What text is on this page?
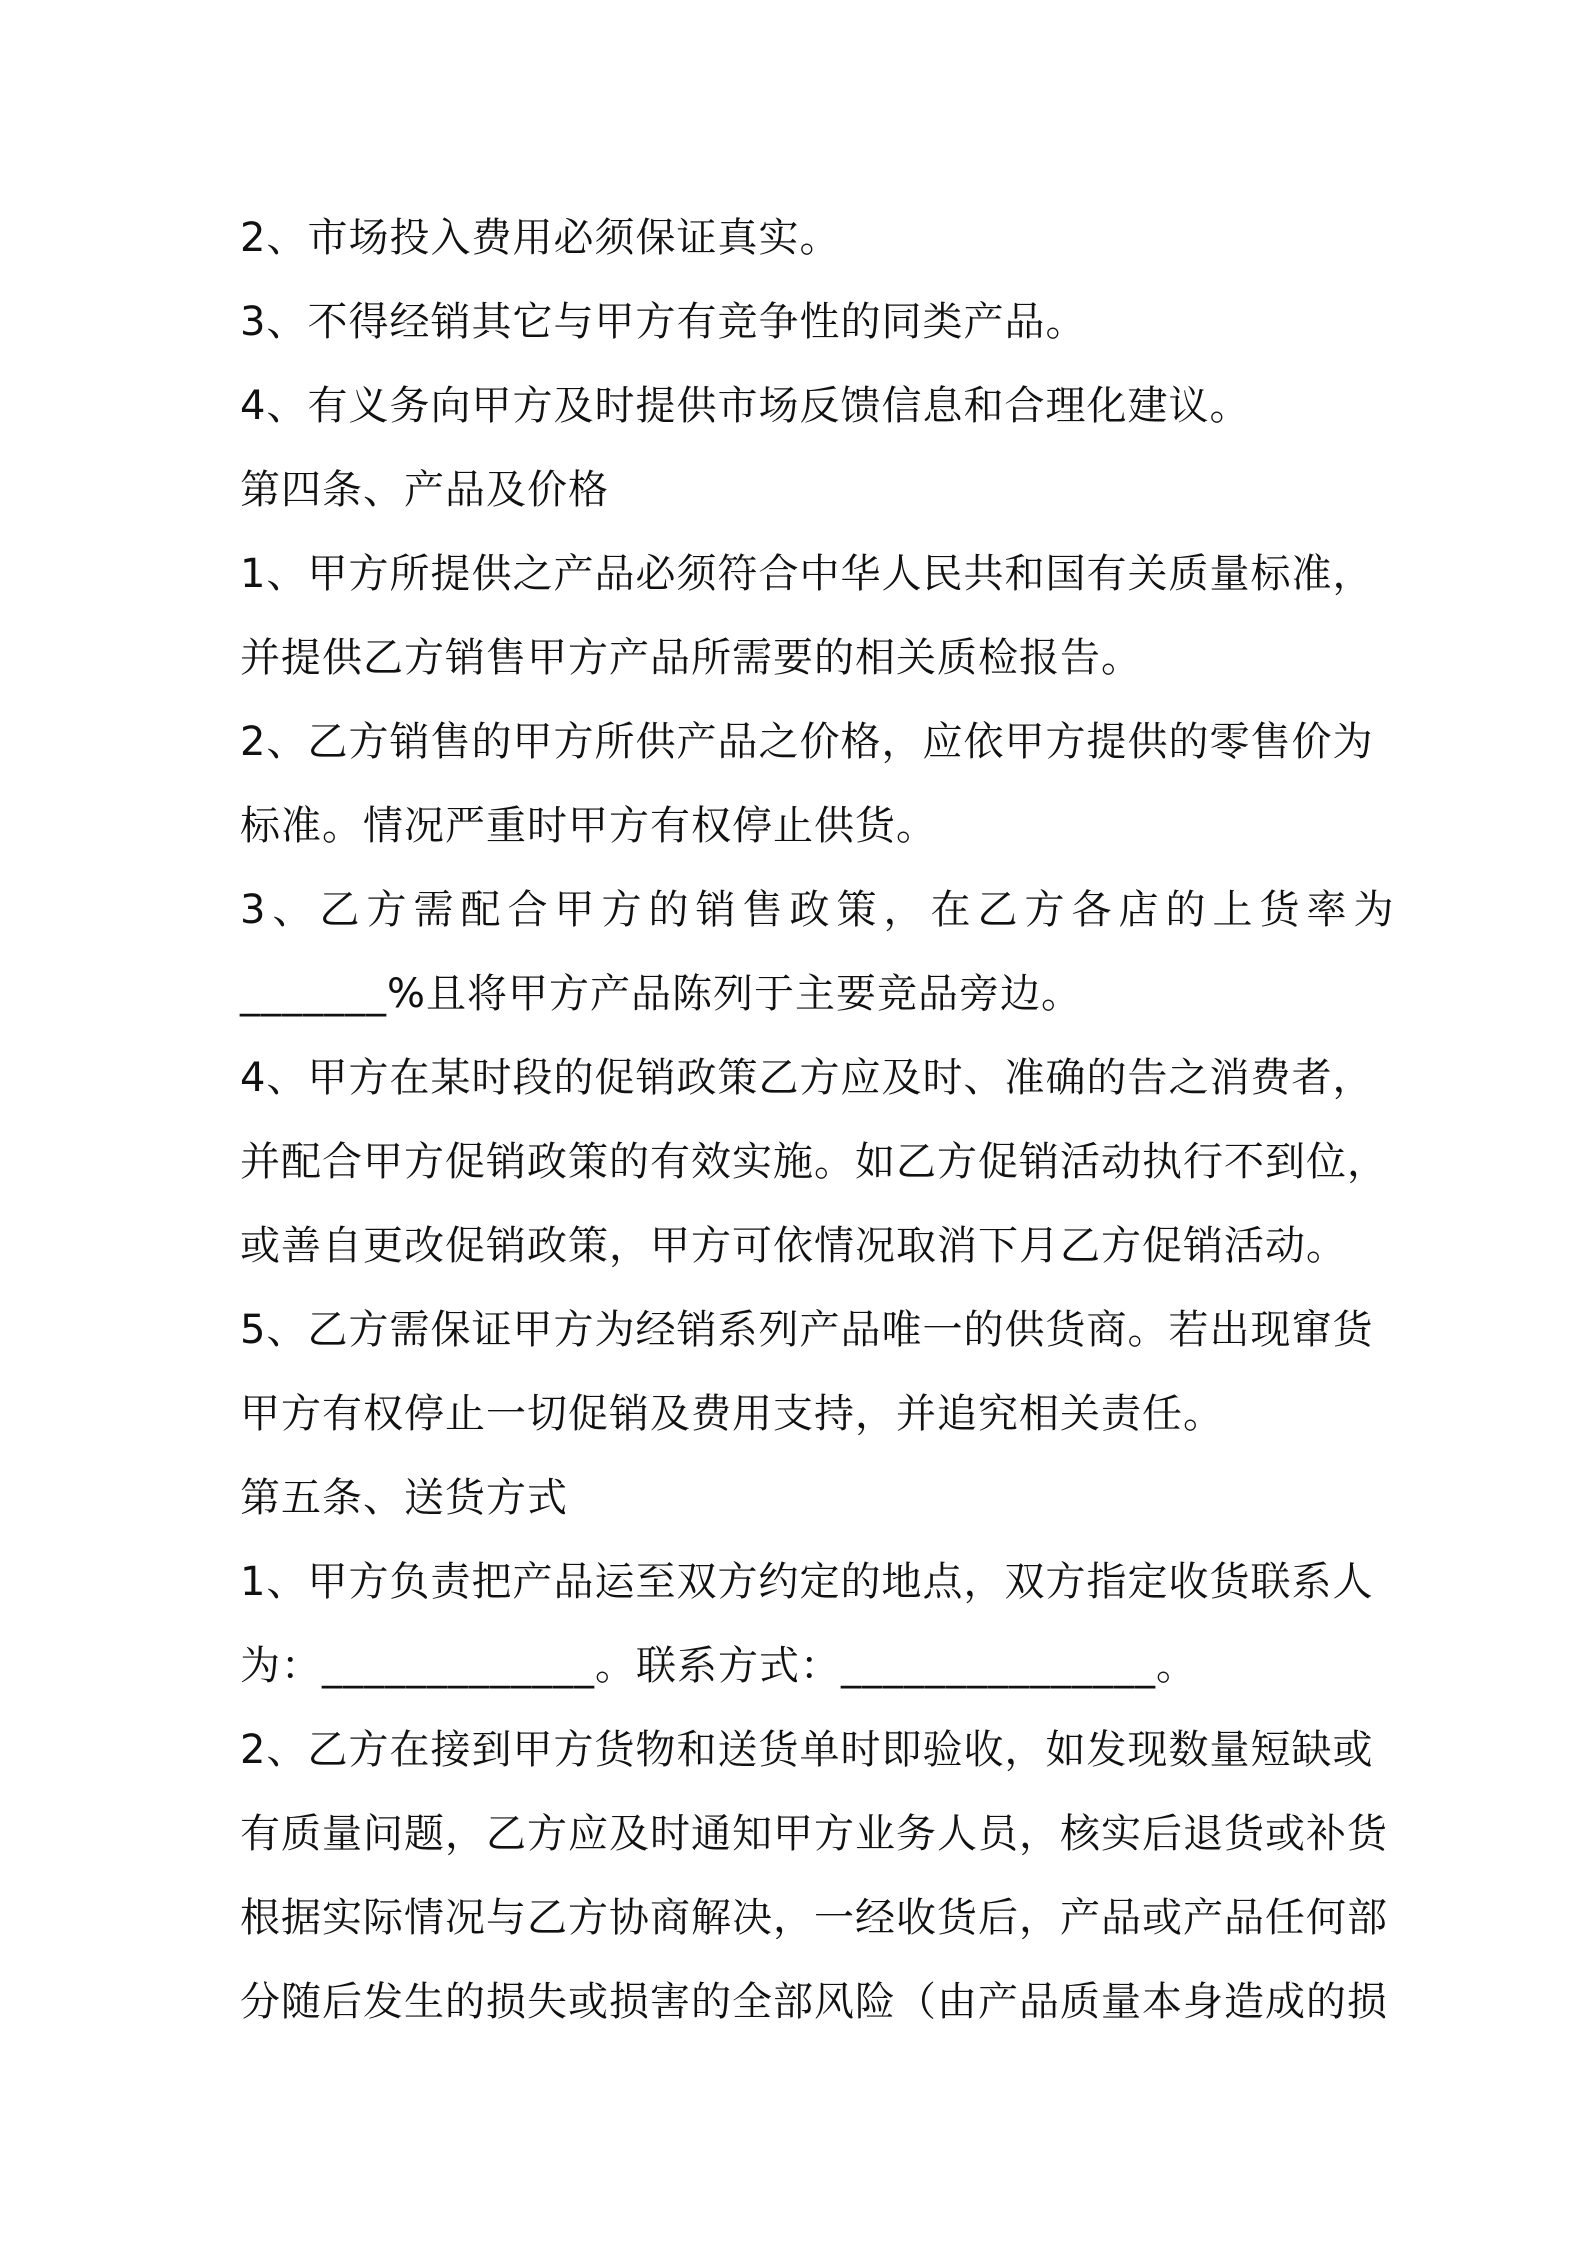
2、市场投入费用必须保证真实。
3、不得经销其它与甲方有竞争性的同类产品。
4、有义务向甲方及时提供市场反馈信息和合理化建议。
第四条、产品及价格
1、甲方所提供之产品必须符合中华人民共和国有关质量标准，
并提供乙方销售甲方产品所需要的相关质检报告。
2、乙方销售的甲方所供产品之价格，应依甲方提供的零售价为
标准。情况严重时甲方有权停止供货。
3、乙方需配合甲方的销售政策，在乙方各店的上货率为
_______%且将甲方产品陈列于主要竞品旁边。
4、甲方在某时段的促销政策乙方应及时、准确的告之消费者，
并配合甲方促销政策的有效实施。如乙方促销活动执行不到位，
或善自更改促销政策，甲方可依情况取消下月乙方促销活动。
5、乙方需保证甲方为经销系列产品唯一的供货商。若出现窜货
甲方有权停止一切促销及费用支持，并追究相关责任。
第五条、送货方式
1、甲方负责把产品运至双方约定的地点，双方指定收货联系人
为：_____________。联系方式：_______________。
2、乙方在接到甲方货物和送货单时即验收，如发现数量短缺或
有质量问题，乙方应及时通知甲方业务人员，核实后退货或补货
根据实际情况与乙方协商解决，一经收货后，产品或产品任何部
分随后发生的损失或损害的全部风险（由产品质量本身造成的损
